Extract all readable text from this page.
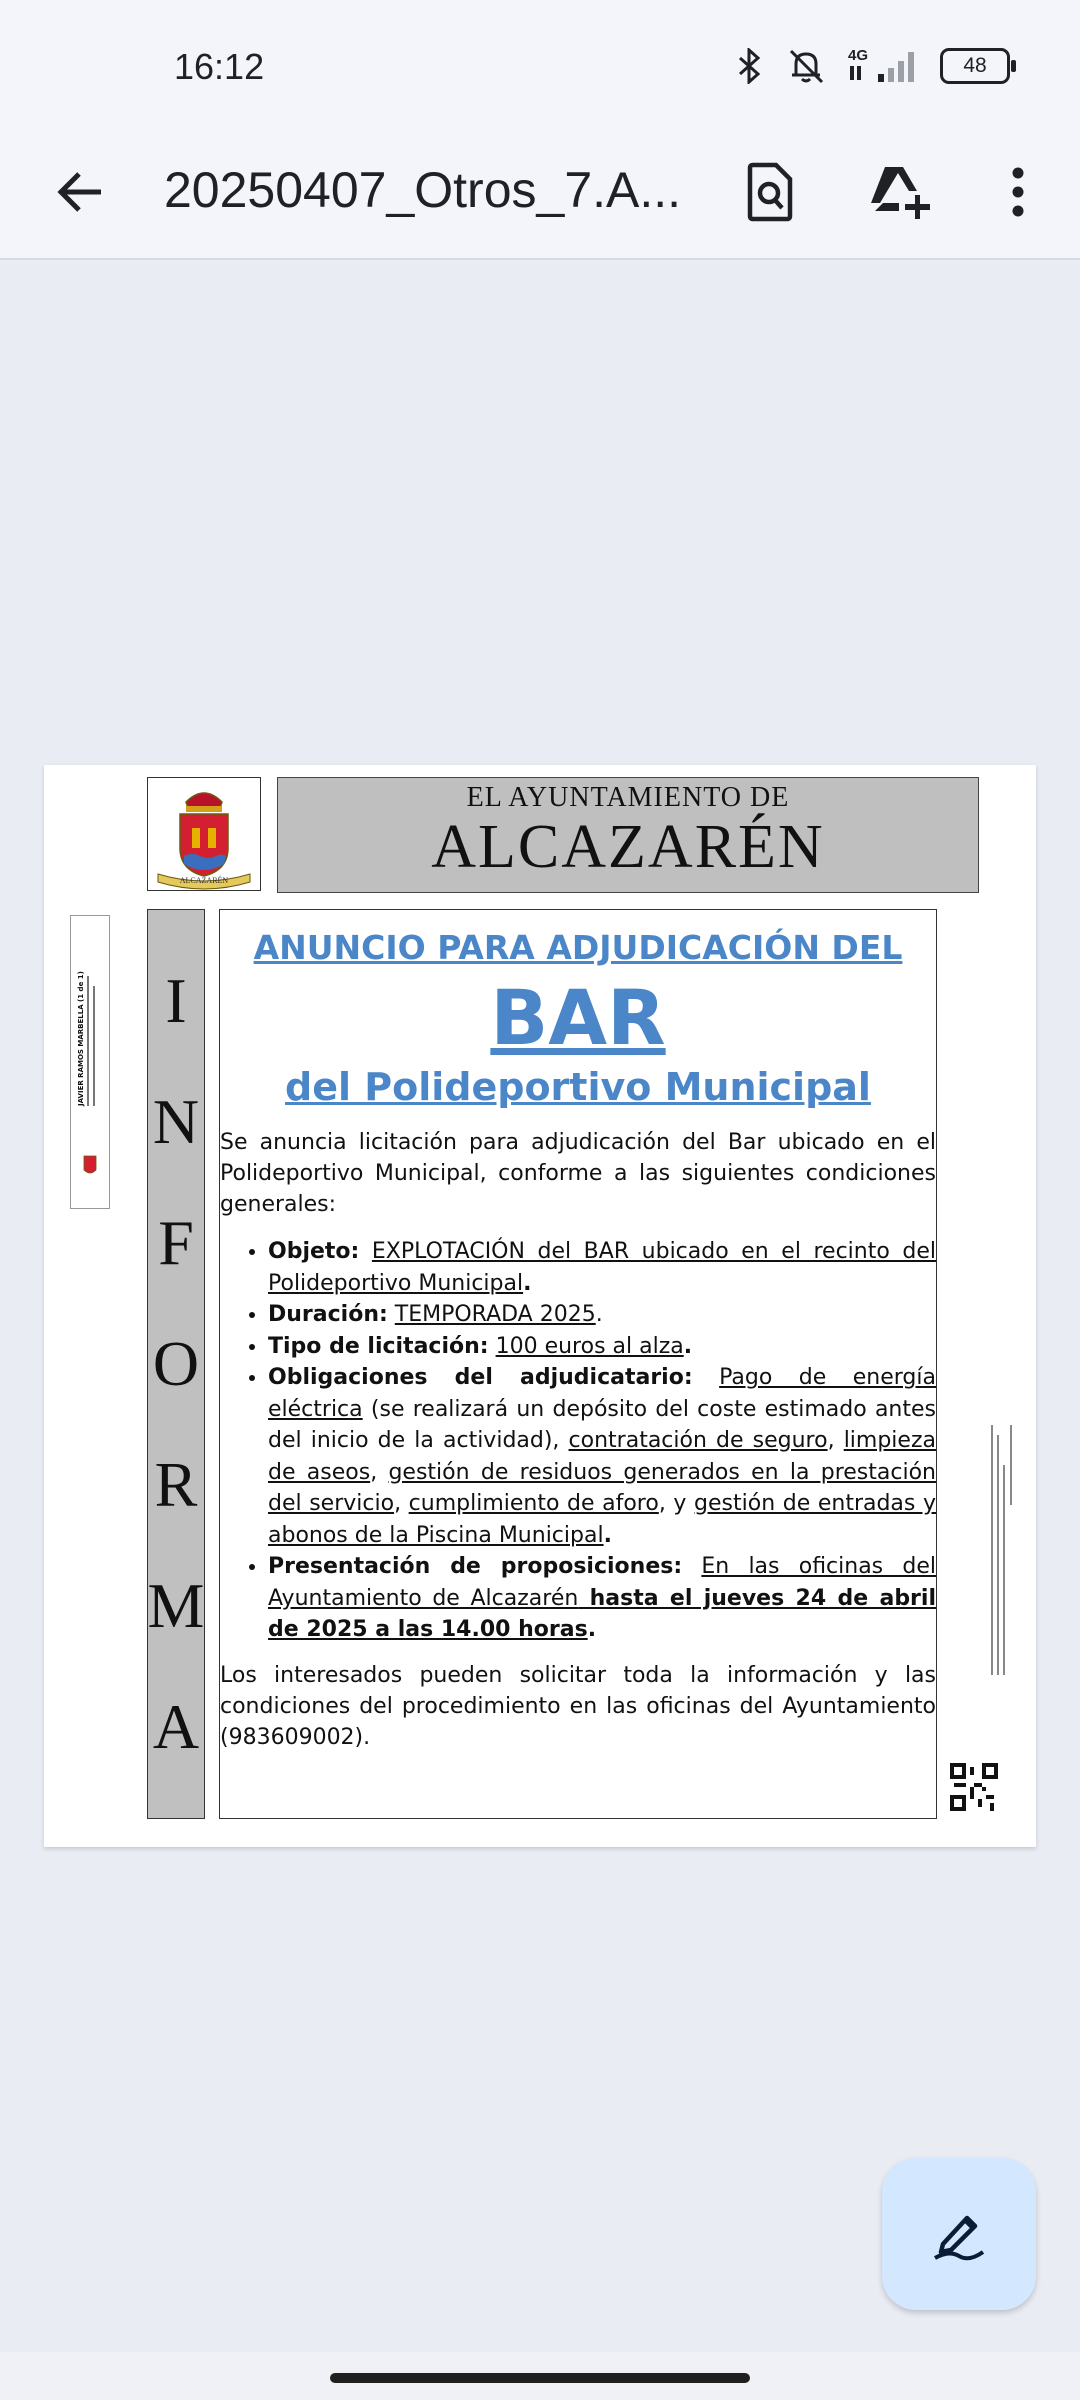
16:12	4G	48
20250407_Otros_7.A...
ALCAZARÉN
EL AYUNTAMIENTO DE
ALCAZARÉN
JAVIER RAMOS MARBELLA (1 de 1) I
N
F
O
R
M
A
ANUNCIO PARA ADJUDICACIÓN DEL
BAR
del Polideportivo Municipal
Se anuncia licitación para adjudicación del Bar ubicado en el Polideportivo Municipal, conforme a las siguientes condiciones generales:
• Objeto: EXPLOTACIÓN del BAR ubicado en el recinto del Polideportivo Municipal.
• Duración: TEMPORADA 2025.
• Tipo de licitación: 100 euros al alza.
• Obligaciones del adjudicatario: Pago de energía eléctrica (se realizará un depósito del coste estimado antes del inicio de la actividad), contratación de seguro, limpieza de aseos, gestión de residuos generados en la prestación del servicio, cumplimiento de aforo, y gestión de entradas y abonos de la Piscina Municipal.
• Presentación de proposiciones: En las oficinas del Ayuntamiento de Alcazarén hasta el jueves 24 de abril de 2025 a las 14.00 horas.
Los interesados pueden solicitar toda la información y las condiciones del procedimiento en las oficinas del Ayuntamiento (983609002).
